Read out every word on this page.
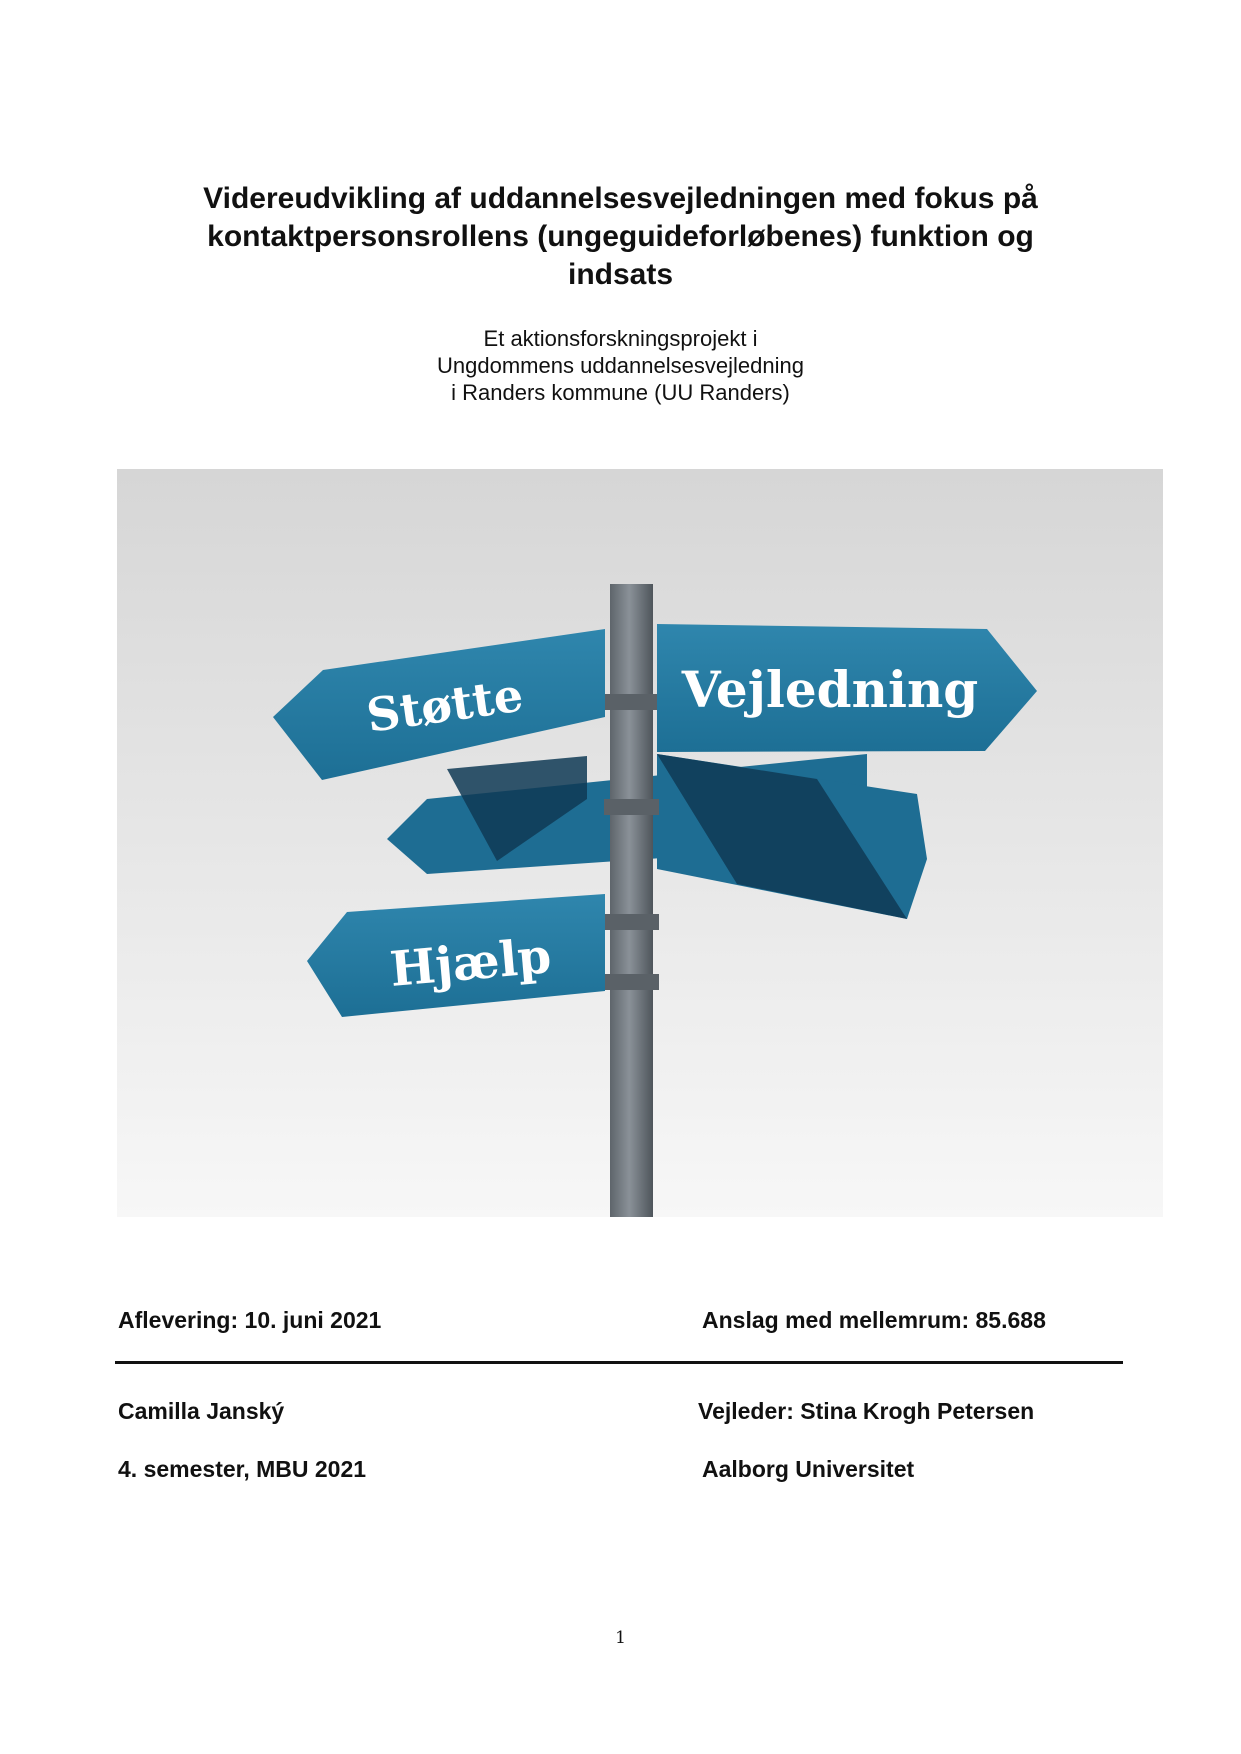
Videreudvikling af uddannelsesvejledningen med fokus på
kontaktpersonsrollens (ungeguideforløbenes) funktion og
indsats
Et aktionsforskningsprojekt i
Ungdommens uddannelsesvejledning
i Randers kommune (UU Randers)
Støtte	Vejledning
Hjælp
Aflevering: 10. juni 2021	Anslag med mellemrum: 85.688
Camilla Janský	Vejleder: Stina Krogh Petersen
4. semester, MBU 2021	Aalborg Universitet
1
